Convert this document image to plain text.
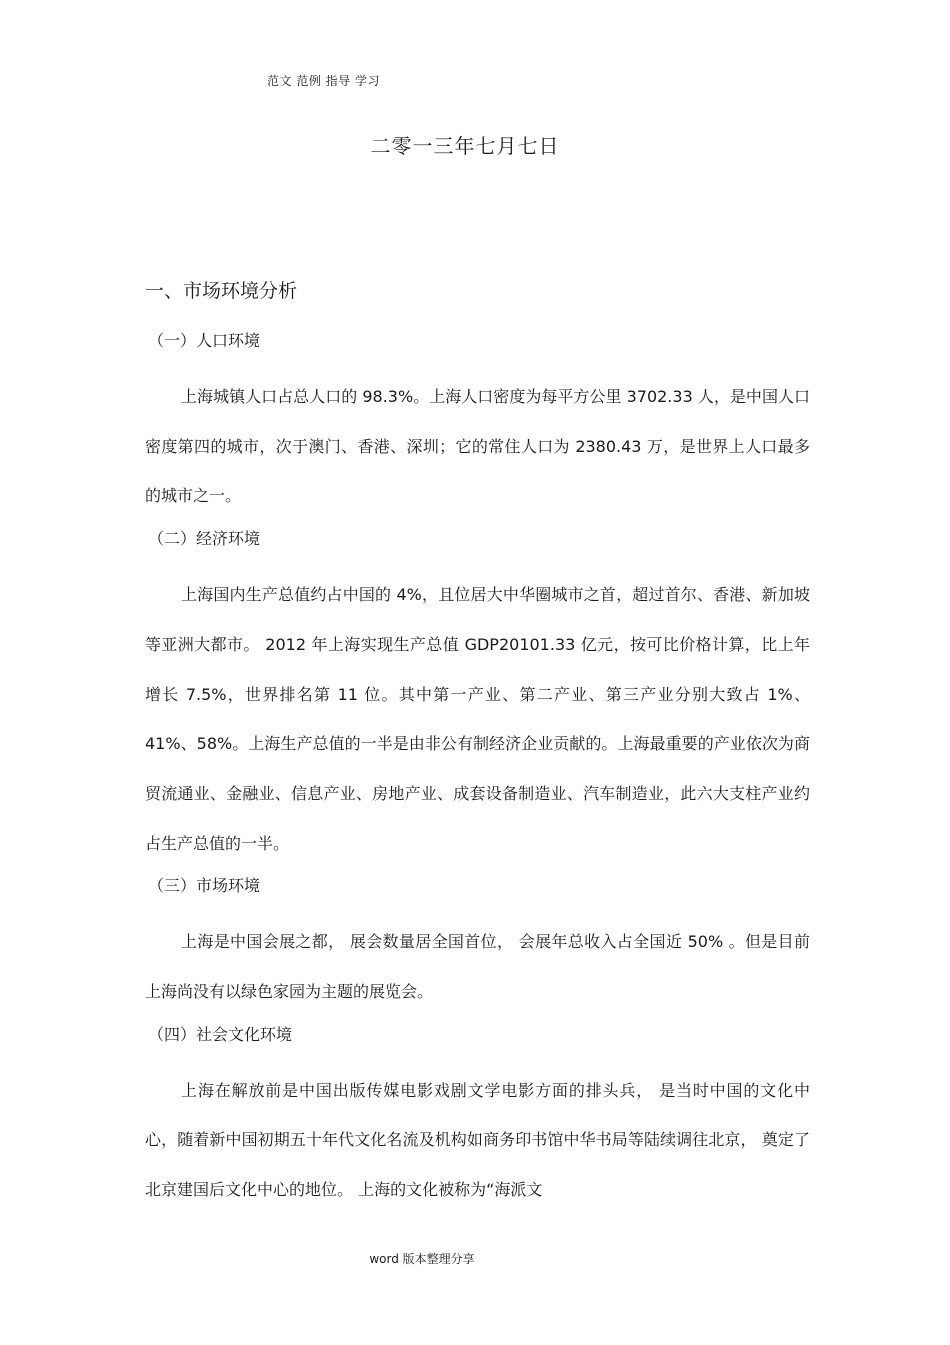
范文 范例 指导 学习
二零一三年七月七日
一、市场环境分析
（一）人口环境

上海城镇人口占总人口的 98.3%。上海人口密度为每平方公里 3702.33 人，是中国人口密度第四的城市，次于澳门、香港、深圳；它的常住人口为 2380.43 万，是世界上人口最多的城市之一。

（二）经济环境

上海国内生产总值约占中国的 4%，且位居大中华圈城市之首，超过首尔、香港、新加坡等亚洲大都市。 2012 年上海实现生产总值 GDP20101.33 亿元，按可比价格计算，比上年增长 7.5%，世界排名第 11 位。其中第一产业、第二产业、第三产业分别大致占 1%、41%、58%。上海生产总值的一半是由非公有制经济企业贡献的。上海最重要的产业依次为商贸流通业、金融业、信息产业、房地产业、成套设备制造业、汽车制造业，此六大支柱产业约占生产总值的一半。

（三）市场环境

上海是中国会展之都， 展会数量居全国首位， 会展年总收入占全国近 50% 。但是目前上海尚没有以绿色家园为主题的展览会。

（四）社会文化环境

上海在解放前是中国出版传媒电影戏剧文学电影方面的排头兵， 是当时中国的文化中心，随着新中国初期五十年代文化名流及机构如商务印书馆中华书局等陆续调往北京， 奠定了北京建国后文化中心的地位。 上海的文化被称为“海派文

word 版本整理分享
